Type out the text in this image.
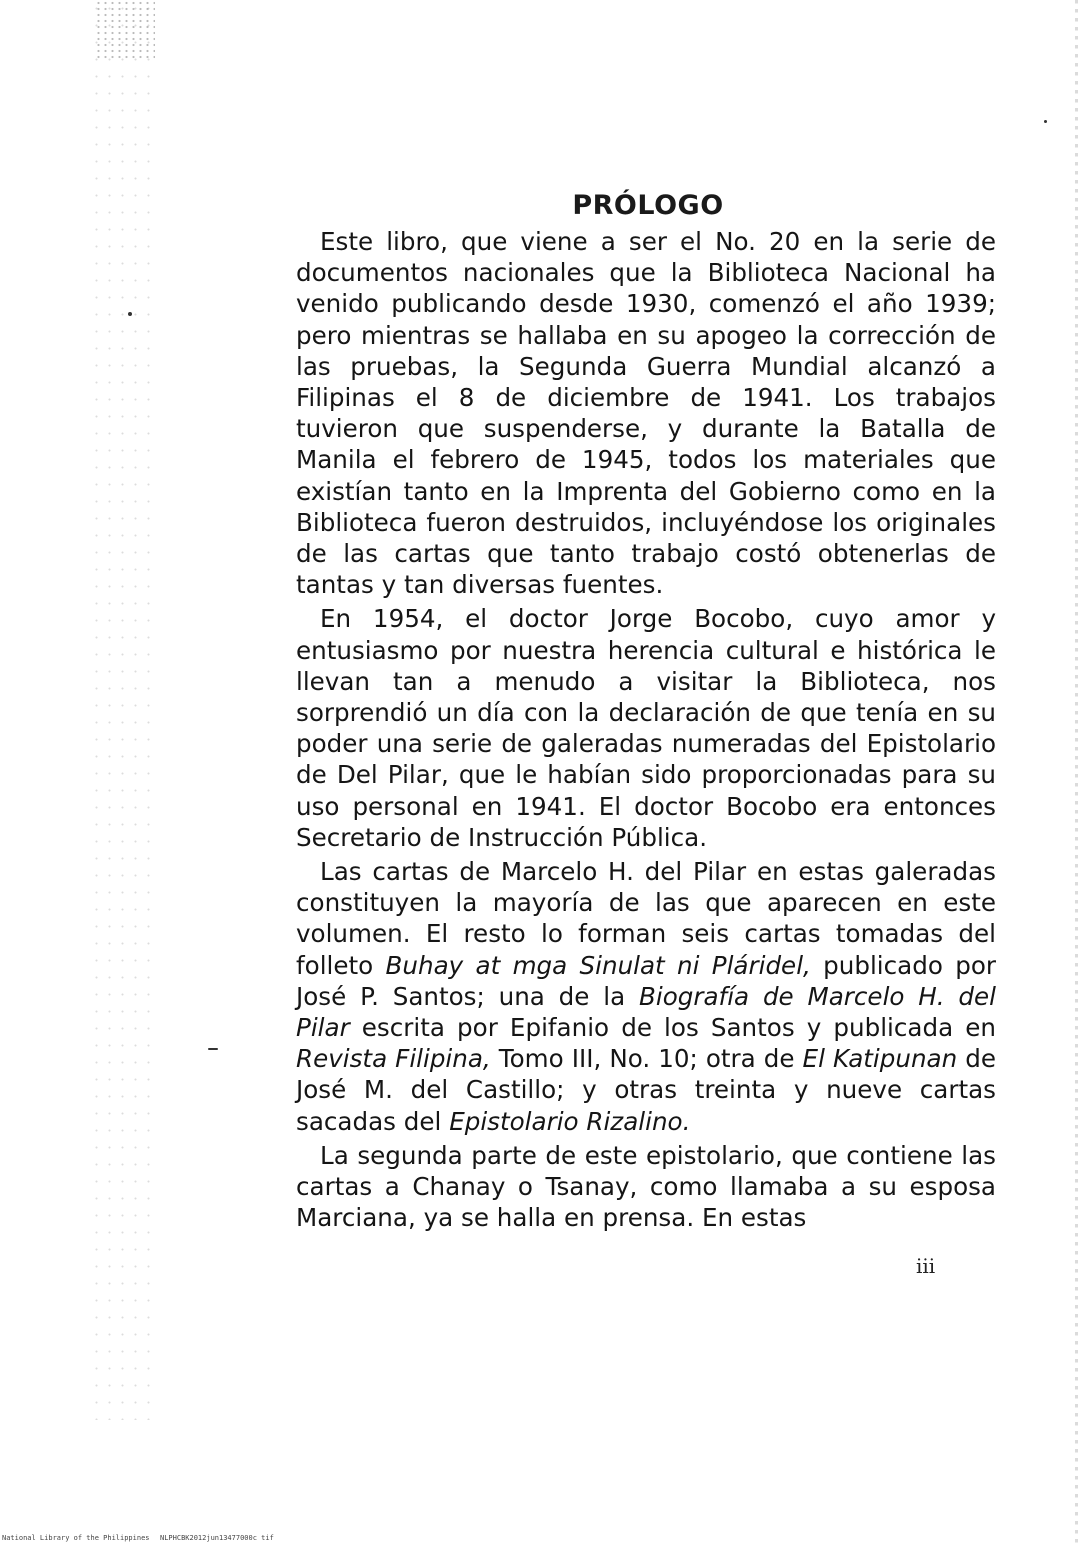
PRÓLOGO

Este libro, que viene a ser el No. 20 en la serie de documentos nacionales que la Biblioteca Nacional ha venido publicando desde 1930, comenzó el año 1939; pero mientras se hallaba en su apogeo la corrección de las pruebas, la Segunda Guerra Mundial alcanzó a Filipinas el 8 de diciembre de 1941. Los trabajos tuvieron que suspenderse, y durante la Batalla de Manila el febrero de 1945, todos los materiales que existían tanto en la Imprenta del Gobierno como en la Biblioteca fueron destruidos, incluyéndose los originales de las cartas que tanto trabajo costó obtenerlas de tantas y tan diversas fuentes.

En 1954, el doctor Jorge Bocobo, cuyo amor y entusiasmo por nuestra herencia cultural e histórica le llevan tan a menudo a visitar la Biblioteca, nos sorprendió un día con la declaración de que tenía en su poder una serie de galeradas numeradas del Epistolario de Del Pilar, que le habían sido proporcionadas para su uso personal en 1941. El doctor Bocobo era entonces Secretario de Instrucción Pública.

Las cartas de Marcelo H. del Pilar en estas galeradas constituyen la mayoría de las que aparecen en este volumen. El resto lo forman seis cartas tomadas del folleto Buhay at mga Sinulat ni Pláridel, publicado por José P. Santos; una de la Biografía de Marcelo H. del Pilar escrita por Epifanio de los Santos y publicada en Revista Filipina, Tomo III, No. 10; otra de El Katipunan de José M. del Castillo; y otras treinta y nueve cartas sacadas del Epistolario Rizalino.

La segunda parte de este epistolario, que contiene las cartas a Chanay o Tsanay, como llamaba a su esposa Marciana, ya se halla en prensa. En estas

iii
National Library of the Philippines NLPHCBK2012jun13477000c tif
